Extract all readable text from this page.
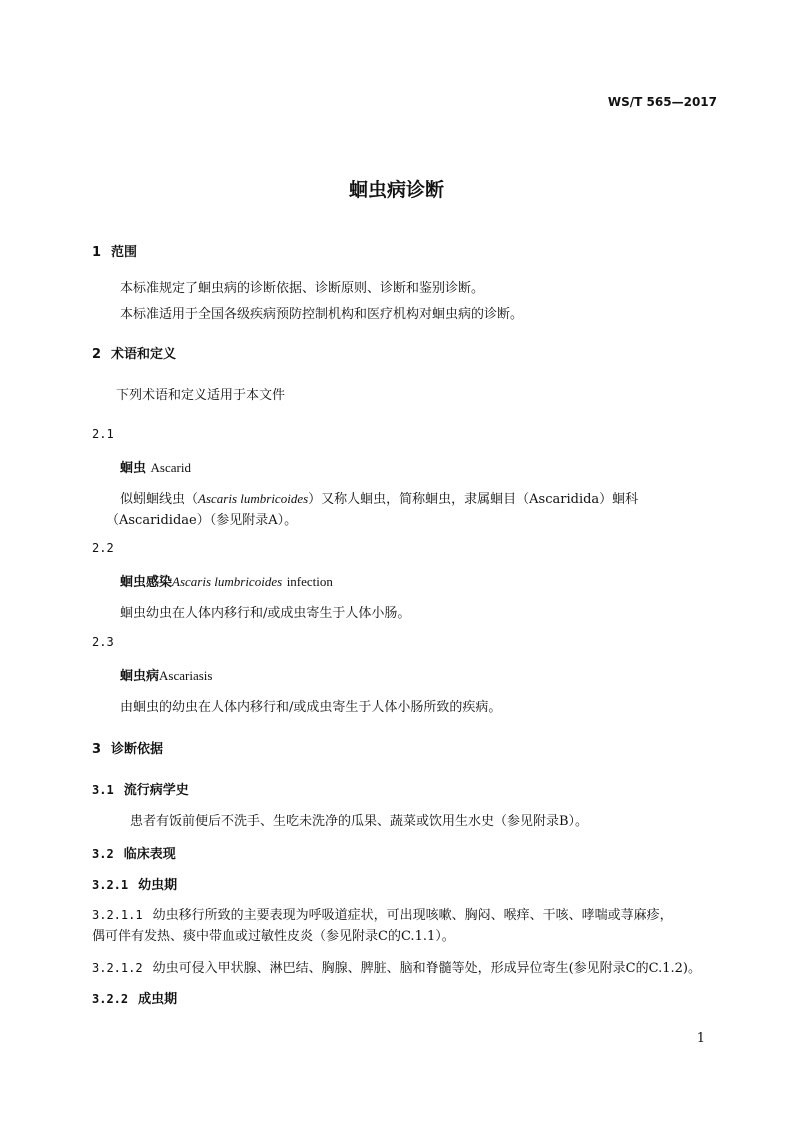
WS/T 565—2017
蛔虫病诊断
1 范围
本标准规定了蛔虫病的诊断依据、诊断原则、诊断和鉴别诊断。
本标准适用于全国各级疾病预防控制机构和医疗机构对蛔虫病的诊断。
2 术语和定义
下列术语和定义适用于本文件
2.1
蛔虫 Ascarid
似蚓蛔线虫（Ascaris lumbricoides）又称人蛔虫，简称蛔虫，隶属蛔目（Ascaridida）蛔科
（Ascarididae）（参见附录A）。
2.2
蛔虫感染Ascaris lumbricoides infection
蛔虫幼虫在人体内移行和/或成虫寄生于人体小肠。
2.3
蛔虫病Ascariasis
由蛔虫的幼虫在人体内移行和/或成虫寄生于人体小肠所致的疾病。
3 诊断依据
3.1 流行病学史
患者有饭前便后不洗手、生吃未洗净的瓜果、蔬菜或饮用生水史（参见附录B）。
3.2 临床表现
3.2.1 幼虫期
3.2.1.1 幼虫移行所致的主要表现为呼吸道症状，可出现咳嗽、胸闷、喉痒、干咳、哮喘或荨麻疹，
偶可伴有发热、痰中带血或过敏性皮炎（参见附录C的C.1.1）。
3.2.1.2 幼虫可侵入甲状腺、淋巴结、胸腺、脾脏、脑和脊髓等处，形成异位寄生(参见附录C的C.1.2)。
3.2.2 成虫期
1
